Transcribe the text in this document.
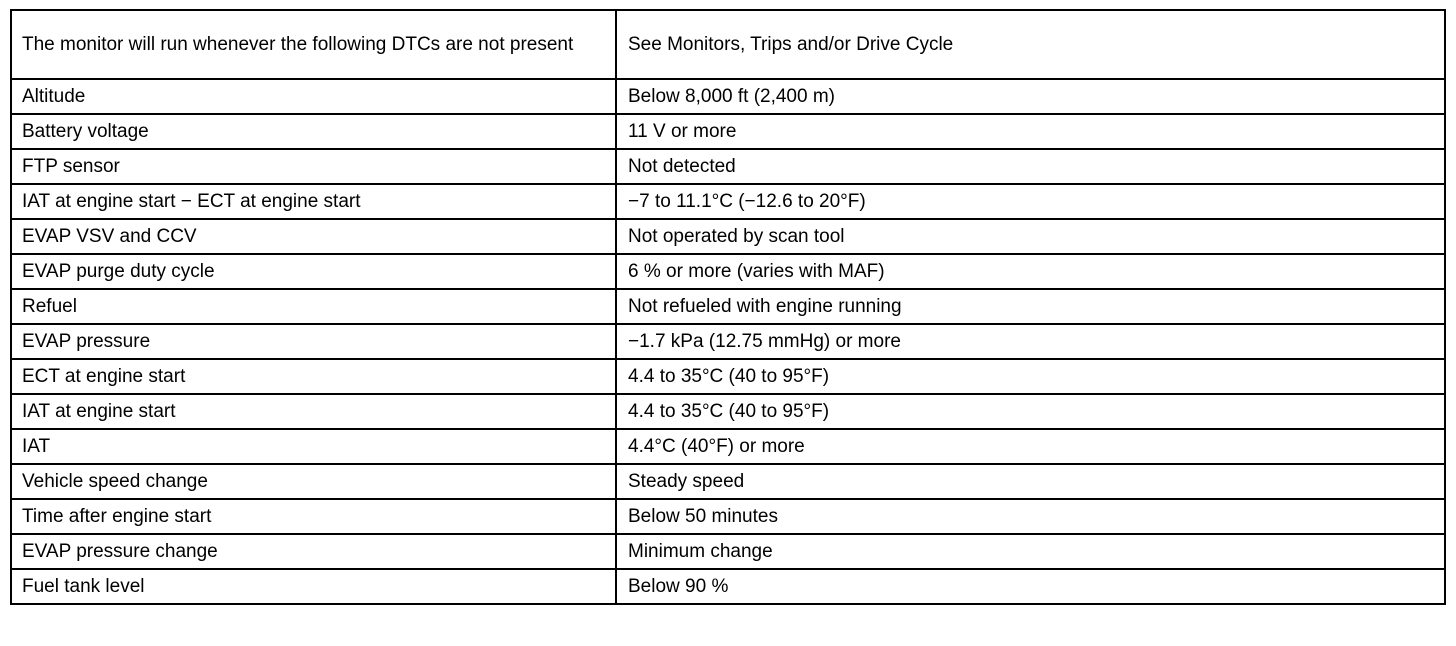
The monitor will run whenever the following DTCs are not present	See Monitors, Trips and/or Drive Cycle
Altitude	Below 8,000 ft (2,400 m)
Battery voltage	11 V or more
FTP sensor	Not detected
IAT at engine start − ECT at engine start	−7 to 11.1°C (−12.6 to 20°F)
EVAP VSV and CCV	Not operated by scan tool
EVAP purge duty cycle	6 % or more (varies with MAF)
Refuel	Not refueled with engine running
EVAP pressure	−1.7 kPa (12.75 mmHg) or more
ECT at engine start	4.4 to 35°C (40 to 95°F)
IAT at engine start	4.4 to 35°C (40 to 95°F)
IAT	4.4°C (40°F) or more
Vehicle speed change	Steady speed
Time after engine start	Below 50 minutes
EVAP pressure change	Minimum change
Fuel tank level	Below 90 %
